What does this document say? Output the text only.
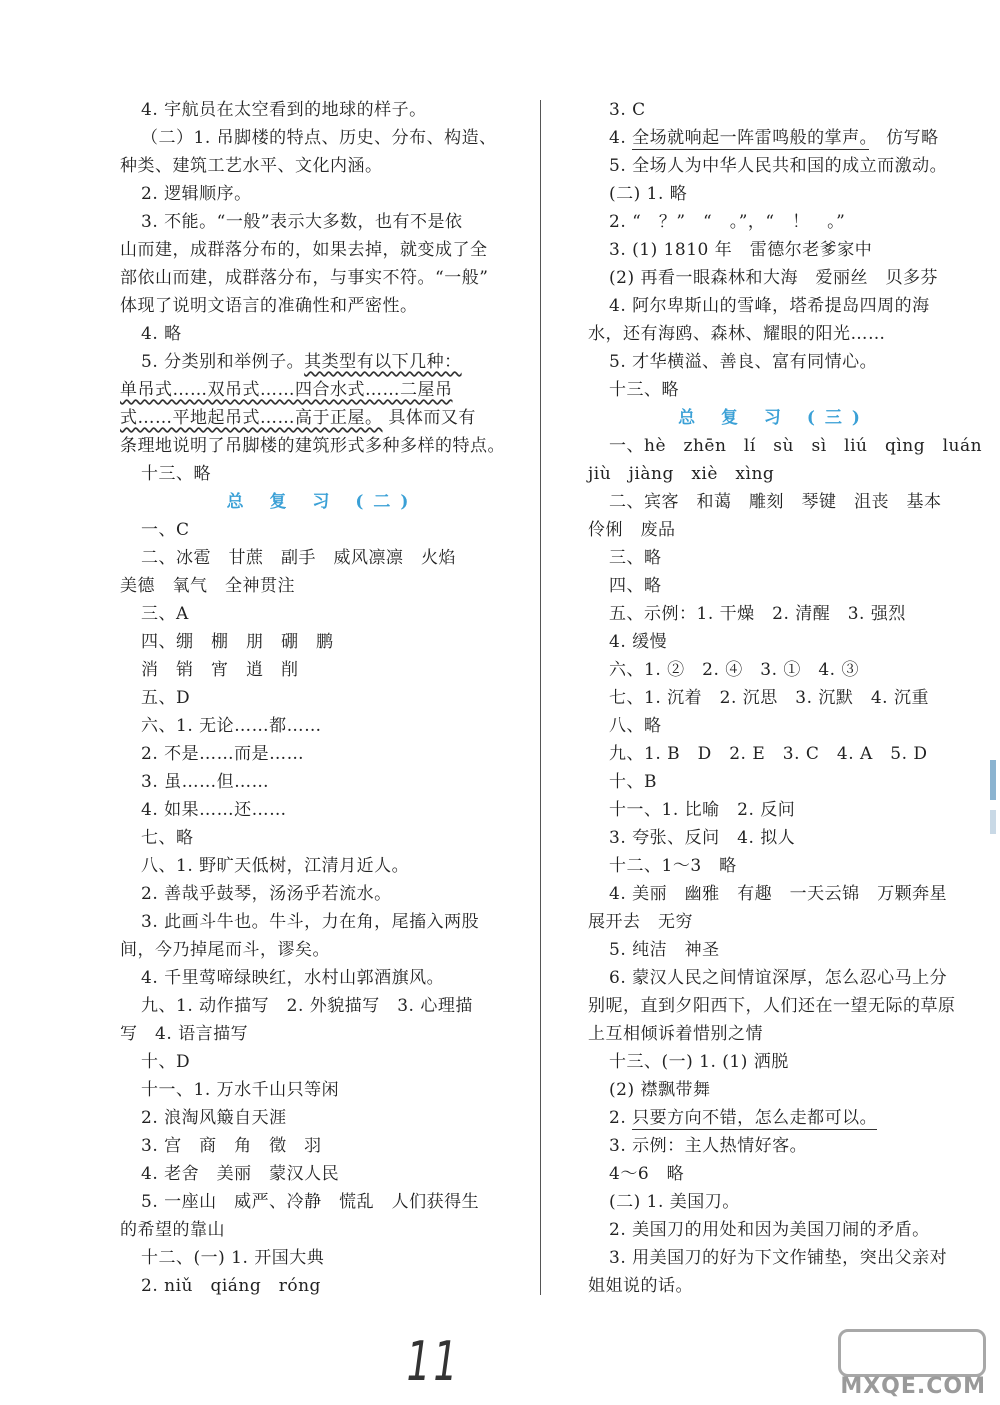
4. 宇航员在太空看到的地球的样子。
（二）1. 吊脚楼的特点、历史、分布、构造、
种类、建筑工艺水平、文化内涵。
2. 逻辑顺序。
3. 不能。“一般”表示大多数，也有不是依
山而建，成群落分布的，如果去掉，就变成了全
部依山而建，成群落分布，与事实不符。“一般”
体现了说明文语言的准确性和严密性。
4. 略
5. 分类别和举例子。其类型有以下几种：
单吊式……双吊式……四合水式……二屋吊
式……平地起吊式……高于正屋。 具体而又有
条理地说明了吊脚楼的建筑形式多种多样的特点。
十三、略
总 复 习 (二)
一、C
二、冰雹　甘蔗　副手　威风凛凛　火焰
美德　氧气　全神贯注
三、A
四、绷　棚　朋　硼　鹏
消　销　宵　逍　削
五、D
六、1. 无论……都……
2. 不是……而是……
3. 虽……但……
4. 如果……还……
七、略
八、1. 野旷天低树，江清月近人。
2. 善哉乎鼓琴，汤汤乎若流水。
3. 此画斗牛也。牛斗，力在角，尾搐入两股
间，今乃掉尾而斗，谬矣。
4. 千里莺啼绿映红，水村山郭酒旗风。
九、1. 动作描写　2. 外貌描写　3. 心理描
写　4. 语言描写
十、D
十一、1. 万水千山只等闲
2. 浪淘风簸自天涯
3. 宫　商　角　徵　羽
4. 老舍　美丽　蒙汉人民
5. 一座山　威严、冷静　慌乱　人们获得生
的希望的靠山
十二、(一) 1. 开国大典
2. niǔ　qiáng　róng
3. C
4. 全场就响起一阵雷鸣般的掌声。　仿写略
5. 全场人为中华人民共和国的成立而激动。
(二) 1. 略
2. “　？”　“　。”，“　！　。”
3. (1) 1810 年　雷德尔老爹家中
(2) 再看一眼森林和大海　爱丽丝　贝多芬
4. 阿尔卑斯山的雪峰，塔希提岛四周的海
水，还有海鸥、森林、耀眼的阳光……
5. 才华横溢、善良、富有同情心。
十三、略
总 复 习 (三)
一、hè　zhēn　lí　sù　sì　liú　qìng　luán
jiù　jiàng　xiè　xìng
二、宾客　和蔼　雕刻　琴键　沮丧　基本
伶俐　废品
三、略
四、略
五、示例：1. 干燥　2. 清醒　3. 强烈
4. 缓慢
六、1. ②　2. ④　3. ①　4. ③
七、1. 沉着　2. 沉思　3. 沉默　4. 沉重
八、略
九、1. B　D　2. E　3. C　4. A　5. D
十、B
十一、1. 比喻　2. 反问
3. 夸张、反问　4. 拟人
十二、1～3　略
4. 美丽　幽雅　有趣　一天云锦　万颗奔星
展开去　无穷
5. 纯洁　神圣
6. 蒙汉人民之间情谊深厚，怎么忍心马上分
别呢，直到夕阳西下，人们还在一望无际的草原
上互相倾诉着惜别之情
十三、(一) 1. (1) 洒脱
(2) 襟飘带舞
2. 只要方向不错，怎么走都可以。
3. 示例：主人热情好客。
4～6　略
(二) 1. 美国刀。
2. 美国刀的用处和因为美国刀闹的矛盾。
3. 用美国刀的好为下文作铺垫，突出父亲对
姐姐说的话。
11	MXQE.COM
